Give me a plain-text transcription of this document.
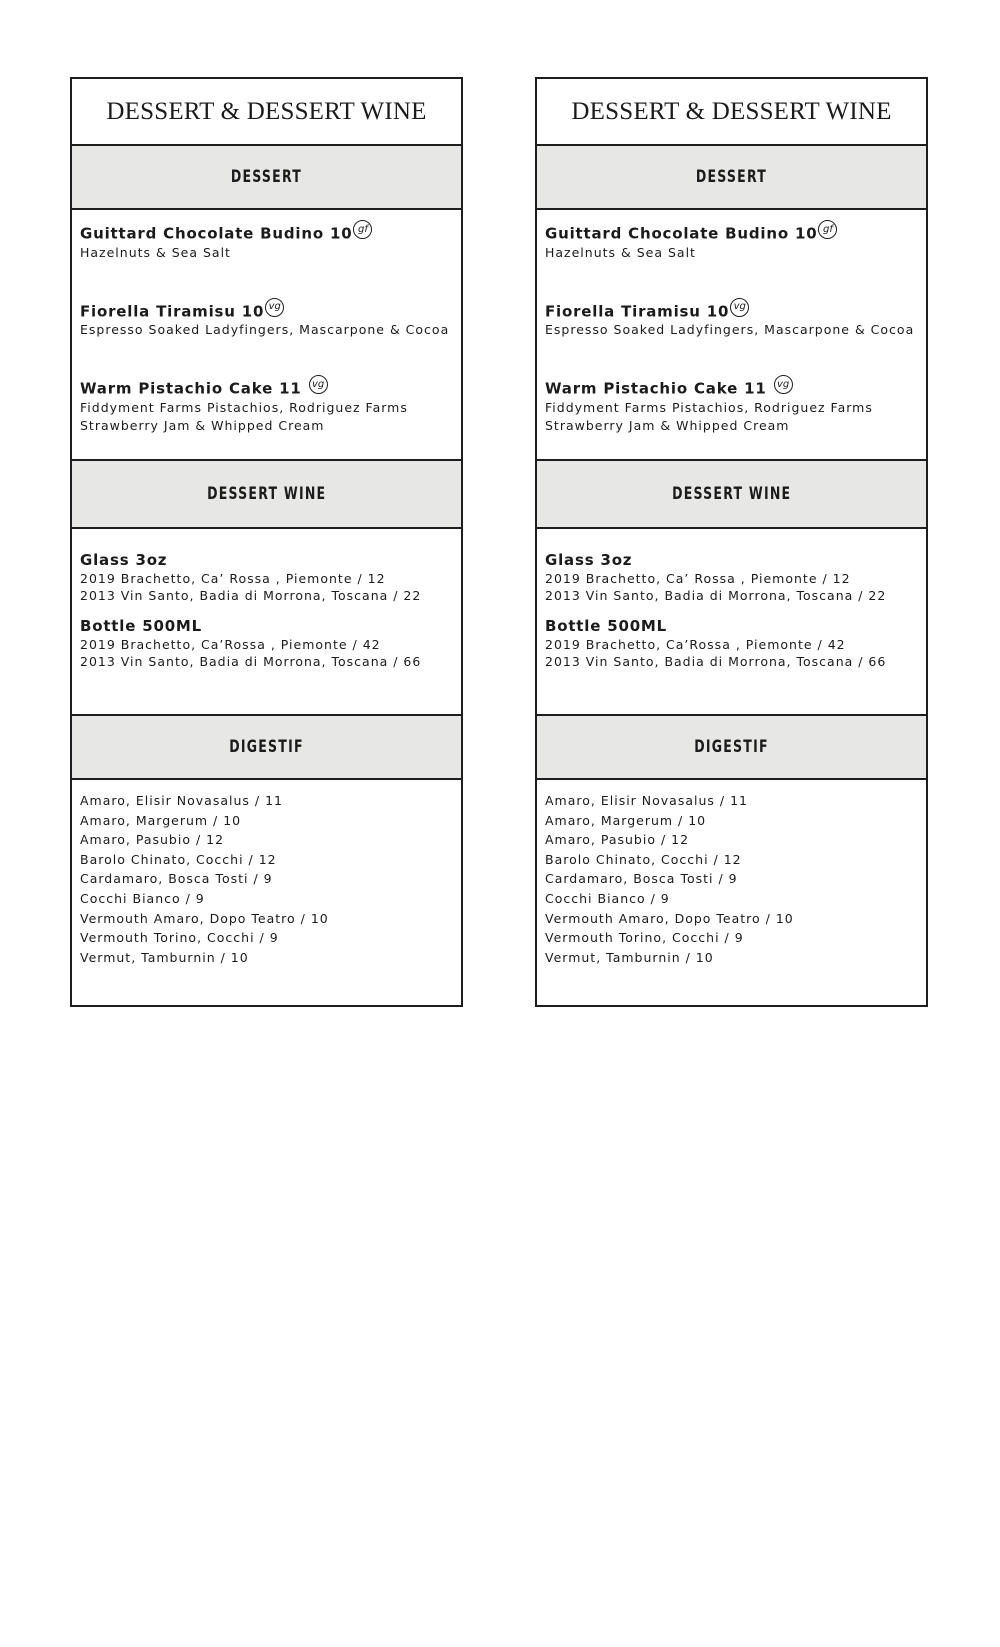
DESSERT & DESSERT WINE
DESSERT
Guittard Chocolate Budino 10 gf
Hazelnuts & Sea Salt
Fiorella Tiramisu 10 vg
Espresso Soaked Ladyfingers, Mascarpone & Cocoa
Warm Pistachio Cake 11 vg
Fiddyment Farms Pistachios, Rodriguez Farms
Strawberry Jam & Whipped Cream
DESSERT WINE
Glass 3oz
2019 Brachetto, Ca’ Rossa , Piemonte / 12
2013 Vin Santo, Badia di Morrona, Toscana / 22
Bottle 500ML
2019 Brachetto, Ca’Rossa , Piemonte / 42
2013 Vin Santo, Badia di Morrona, Toscana / 66
DIGESTIF
Amaro, Elisir Novasalus / 11
Amaro, Margerum / 10
Amaro, Pasubio / 12
Barolo Chinato, Cocchi / 12
Cardamaro, Bosca Tosti / 9
Cocchi Bianco / 9
Vermouth Amaro, Dopo Teatro / 10
Vermouth Torino, Cocchi / 9
Vermut, Tamburnin / 10
DESSERT & DESSERT WINE
DESSERT
Guittard Chocolate Budino 10 gf
Hazelnuts & Sea Salt
Fiorella Tiramisu 10 vg
Espresso Soaked Ladyfingers, Mascarpone & Cocoa
Warm Pistachio Cake 11 vg
Fiddyment Farms Pistachios, Rodriguez Farms
Strawberry Jam & Whipped Cream
DESSERT WINE
Glass 3oz
2019 Brachetto, Ca’ Rossa , Piemonte / 12
2013 Vin Santo, Badia di Morrona, Toscana / 22
Bottle 500ML
2019 Brachetto, Ca’Rossa , Piemonte / 42
2013 Vin Santo, Badia di Morrona, Toscana / 66
DIGESTIF
Amaro, Elisir Novasalus / 11
Amaro, Margerum / 10
Amaro, Pasubio / 12
Barolo Chinato, Cocchi / 12
Cardamaro, Bosca Tosti / 9
Cocchi Bianco / 9
Vermouth Amaro, Dopo Teatro / 10
Vermouth Torino, Cocchi / 9
Vermut, Tamburnin / 10
